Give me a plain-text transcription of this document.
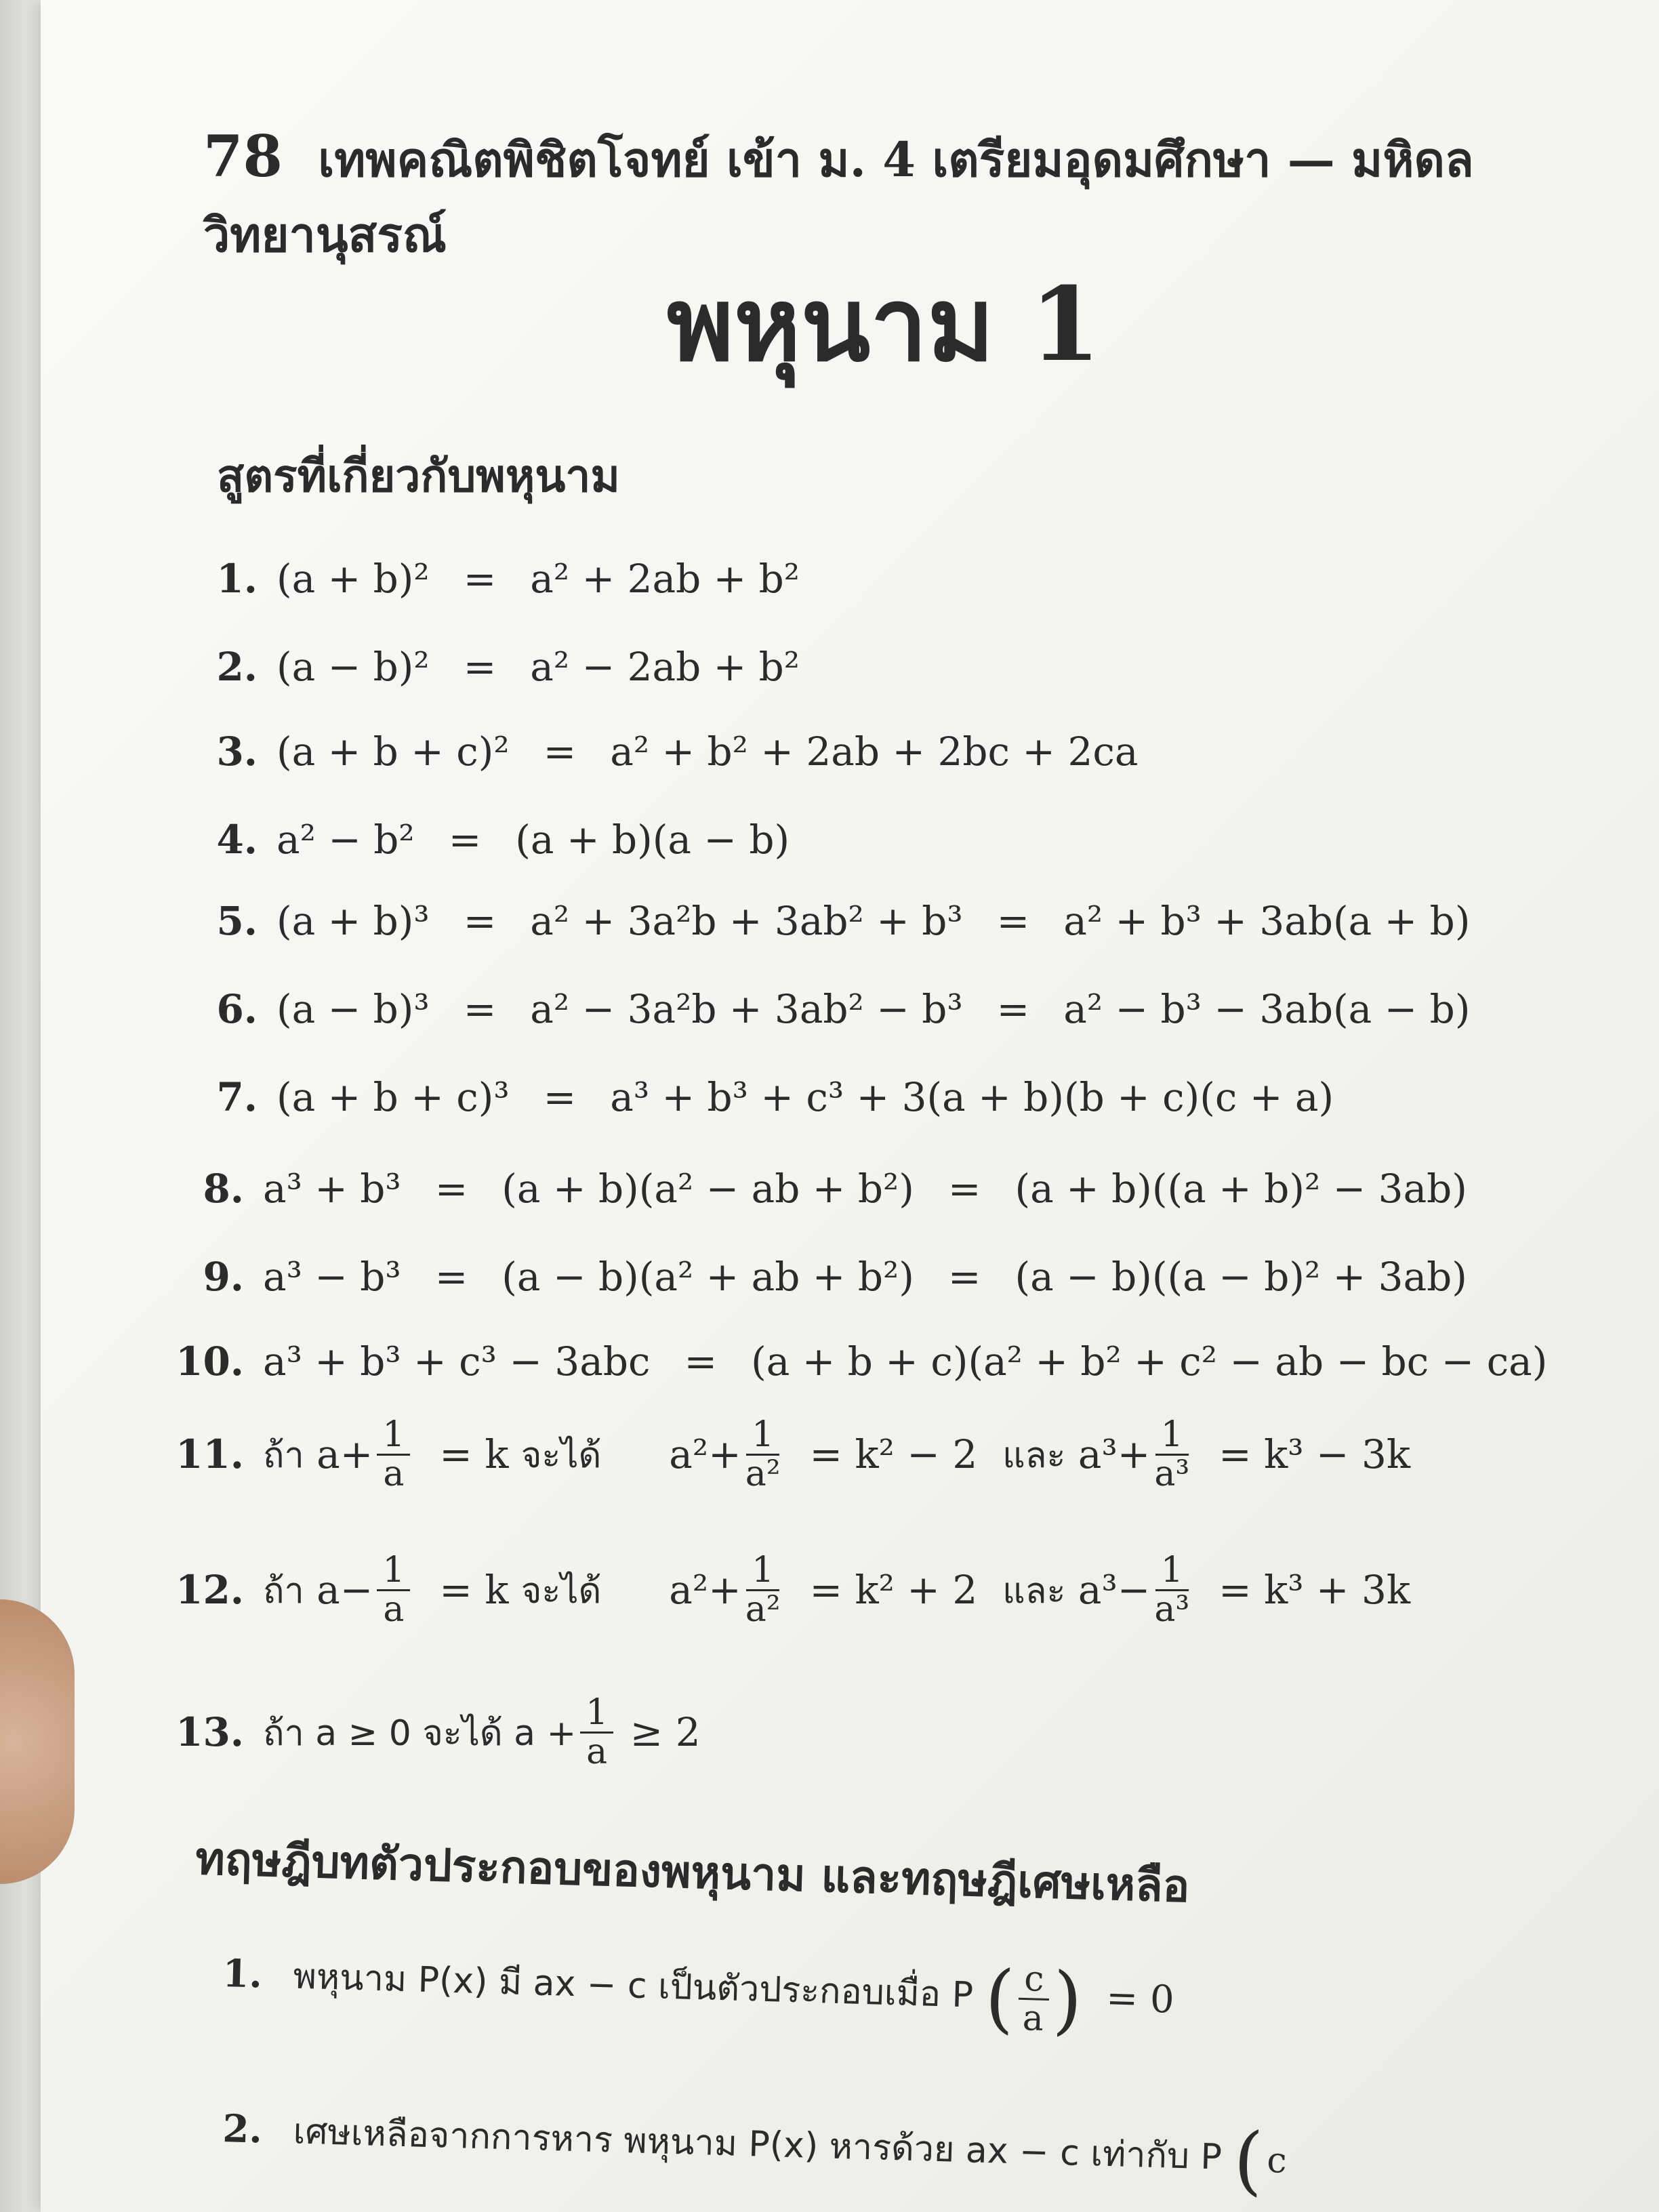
78 เทพคณิตพิชิตโจทย์ เข้า ม. 4 เตรียมอุดมศึกษา — มหิดลวิทยานุสรณ์
พหุนาม 1
สูตรที่เกี่ยวกับพหุนาม
1. (a + b)² = a² + 2ab + b²
2. (a − b)² = a² − 2ab + b²
3. (a + b + c)² = a² + b² + 2ab + 2bc + 2ca
4. a² − b² = (a + b)(a − b)
5. (a + b)³ = a² + 3a²b + 3ab² + b³ = a² + b³ + 3ab(a + b)
6. (a − b)³ = a² − 3a²b + 3ab² − b³ = a² − b³ − 3ab(a − b)
7. (a + b + c)³ = a³ + b³ + c³ + 3(a + b)(b + c)(c + a)
8. a³ + b³ = (a + b)(a² − ab + b²) = (a + b)((a + b)² − 3ab)
9. a³ − b³ = (a − b)(a² + ab + b²) = (a − b)((a − b)² + 3ab)
10. a³ + b³ + c³ − 3abc = (a + b + c)(a² + b² + c² − ab − bc − ca)
11. ถ้า
$a + \frac{1}{a}$
= k
จะได้ $a^2 + \frac{1}{\text{a²}}$
= k² − 2
และ
$a^3 + \frac{1}{\text{a³}}$
= k³ − 3k
12. ถ้า
$a - \frac{1}{a}$
= k
จะได้ $a^2 + \frac{1}{\text{a²}}$
= k² + 2
และ
$a^3 - \frac{1}{\text{a³}}$
= k³ + 3k
13. ถ้า a ≥ 0 จะได้ $a + \frac{1}{a}$
≥ 2
ทฤษฎีบทตัวประกอบของพหุนาม และทฤษฎีเศษเหลือ
1. พหุนาม P(x) มี ax − c เป็นตัวประกอบเมื่อ P ( $\frac{c}{a}$ ) = 0
2. เศษเหลือจากการหาร พหุนาม P(x) หารด้วย ax − c เท่ากับ P ( c
